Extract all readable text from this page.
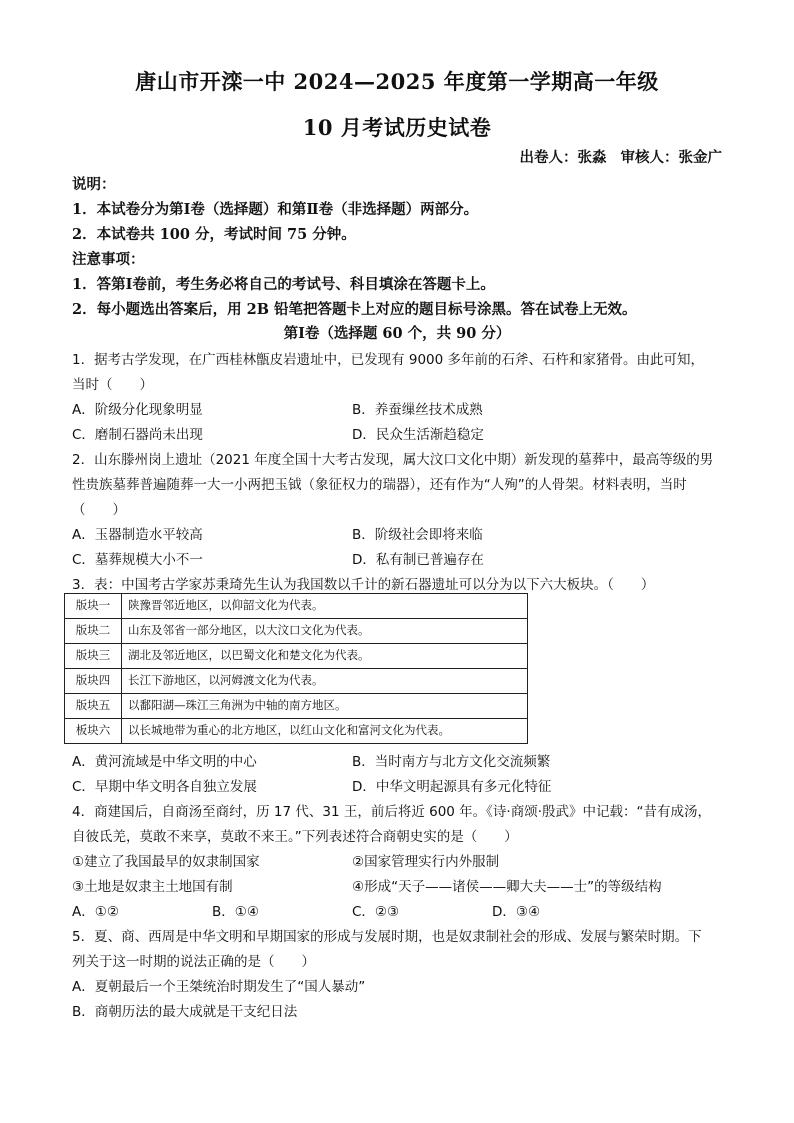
唐山市开滦一中 2024—2025 年度第一学期高一年级
10 月考试历史试卷
出卷人：张淼 审核人：张金广
说明：
1．本试卷分为第Ⅰ卷（选择题）和第Ⅱ卷（非选择题）两部分。
2．本试卷共 100 分，考试时间 75 分钟。
注意事项：
1．答第Ⅰ卷前，考生务必将自己的考试号、科目填涂在答题卡上。
2．每小题选出答案后，用 2B 铅笔把答题卡上对应的题目标号涂黑。答在试卷上无效。
第Ⅰ卷（选择题 60 个，共 90 分）
1．据考古学发现，在广西桂林甑皮岩遗址中，已发现有 9000 多年前的石斧、石杵和家猪骨。由此可知，
当时（　　）
A．阶级分化现象明显	B．养蚕缫丝技术成熟
C．磨制石器尚未出现	D．民众生活渐趋稳定
2．山东滕州岗上遗址（2021 年度全国十大考古发现，属大汶口文化中期）新发现的墓葬中，最高等级的男
性贵族墓葬普遍随葬一大一小两把玉钺（象征权力的瑞器），还有作为“人殉”的人骨架。材料表明，当时
（　　）
A．玉器制造水平较高	B．阶级社会即将来临
C．墓葬规模大小不一	D．私有制已普遍存在
3．表：中国考古学家苏秉琦先生认为我国数以千计的新石器遗址可以分为以下六大板块。（　　）
版块一	陕豫晋邻近地区，以仰韶文化为代表。
版块二	山东及邻省一部分地区，以大汶口文化为代表。
版块三	湖北及邻近地区，以巴蜀文化和楚文化为代表。
版块四	长江下游地区，以河姆渡文化为代表。
版块五	以鄱阳湖—珠江三角洲为中轴的南方地区。
板块六	以长城地带为重心的北方地区，以红山文化和富河文化为代表。
A．黄河流域是中华文明的中心	B．当时南方与北方文化交流频繁
C．早期中华文明各自独立发展	D．中华文明起源具有多元化特征
4．商建国后，自商汤至商纣，历 17 代、31 王，前后将近 600 年。《诗·商颂·殷武》中记载：“昔有成汤，
自彼氐羌，莫敢不来享，莫敢不来王。”下列表述符合商朝史实的是（　　）
①建立了我国最早的奴隶制国家	②国家管理实行内外服制
③土地是奴隶主土地国有制	④形成“天子——诸侯——卿大夫——士”的等级结构
A．①②	B．①④	C．②③	D．③④
5．夏、商、西周是中华文明和早期国家的形成与发展时期，也是奴隶制社会的形成、发展与繁荣时期。下
列关于这一时期的说法正确的是（　　）
A．夏朝最后一个王桀统治时期发生了“国人暴动”
B．商朝历法的最大成就是干支纪日法
